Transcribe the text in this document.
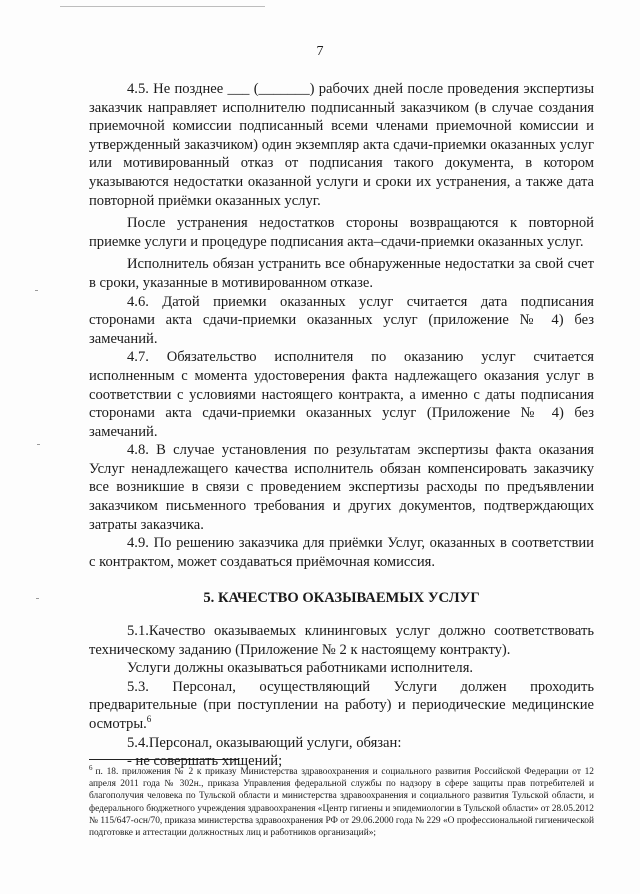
7

4.5. Не позднее ___ (_______) рабочих дней после проведения экспертизы заказчик направляет исполнителю подписанный заказчиком (в случае создания приемочной комиссии подписанный всеми членами приемочной комиссии и утвержденный заказчиком) один экземпляр акта сдачи-приемки оказанных услуг или мотивированный отказ от подписания такого документа, в котором указываются недостатки оказанной услуги и сроки их устранения, а также дата повторной приёмки оказанных услуг.

После устранения недостатков стороны возвращаются к повторной приемке услуги и процедуре подписания акта–сдачи-приемки оказанных услуг.

Исполнитель обязан устранить все обнаруженные недостатки за свой счет в сроки, указанные в мотивированном отказе.

4.6. Датой приемки оказанных услуг считается дата подписания сторонами акта сдачи-приемки оказанных услуг (приложение № 4) без замечаний.

4.7. Обязательство исполнителя по оказанию услуг считается исполненным с момента удостоверения факта надлежащего оказания услуг в соответствии с условиями настоящего контракта, а именно с даты подписания сторонами акта сдачи-приемки оказанных услуг (Приложение № 4) без замечаний.

4.8. В случае установления по результатам экспертизы факта оказания Услуг ненадлежащего качества исполнитель обязан компенсировать заказчику все возникшие в связи с проведением экспертизы расходы по предъявлении заказчиком письменного требования и других документов, подтверждающих затраты заказчика.

4.9. По решению заказчика для приёмки Услуг, оказанных в соответствии с контрактом, может создаваться приёмочная комиссия.

5. КАЧЕСТВО ОКАЗЫВАЕМЫХ УСЛУГ

5.1.Качество оказываемых клининговых услуг должно соответствовать техническому заданию (Приложение № 2 к настоящему контракту).

Услуги должны оказываться работниками исполнителя.

5.3. Персонал, осуществляющий Услуги должен проходить предварительные (при поступлении на работу) и периодические медицинские осмотры.$^6$

5.4.Персонал, оказывающий услуги, обязан:

- не совершать хищений;

$^6$ п. 18. приложения № 2 к приказу Министерства здравоохранения и социального развития Российской Федерации от 12 апреля 2011 года № 302н., приказа Управления федеральной службы по надзору в сфере защиты прав потребителей и благополучия человека по Тульской области и министерства здравоохранения и социального развития Тульской области, и федерального бюджетного учреждения здравоохранения «Центр гигиены и эпидемиологии в Тульской области» от 28.05.2012 № 115/647-осн/70, приказа министерства здравоохранения РФ от 29.06.2000 года № 229 «О профессиональной гигиенической подготовке и аттестации должностных лиц и работников организаций»;
